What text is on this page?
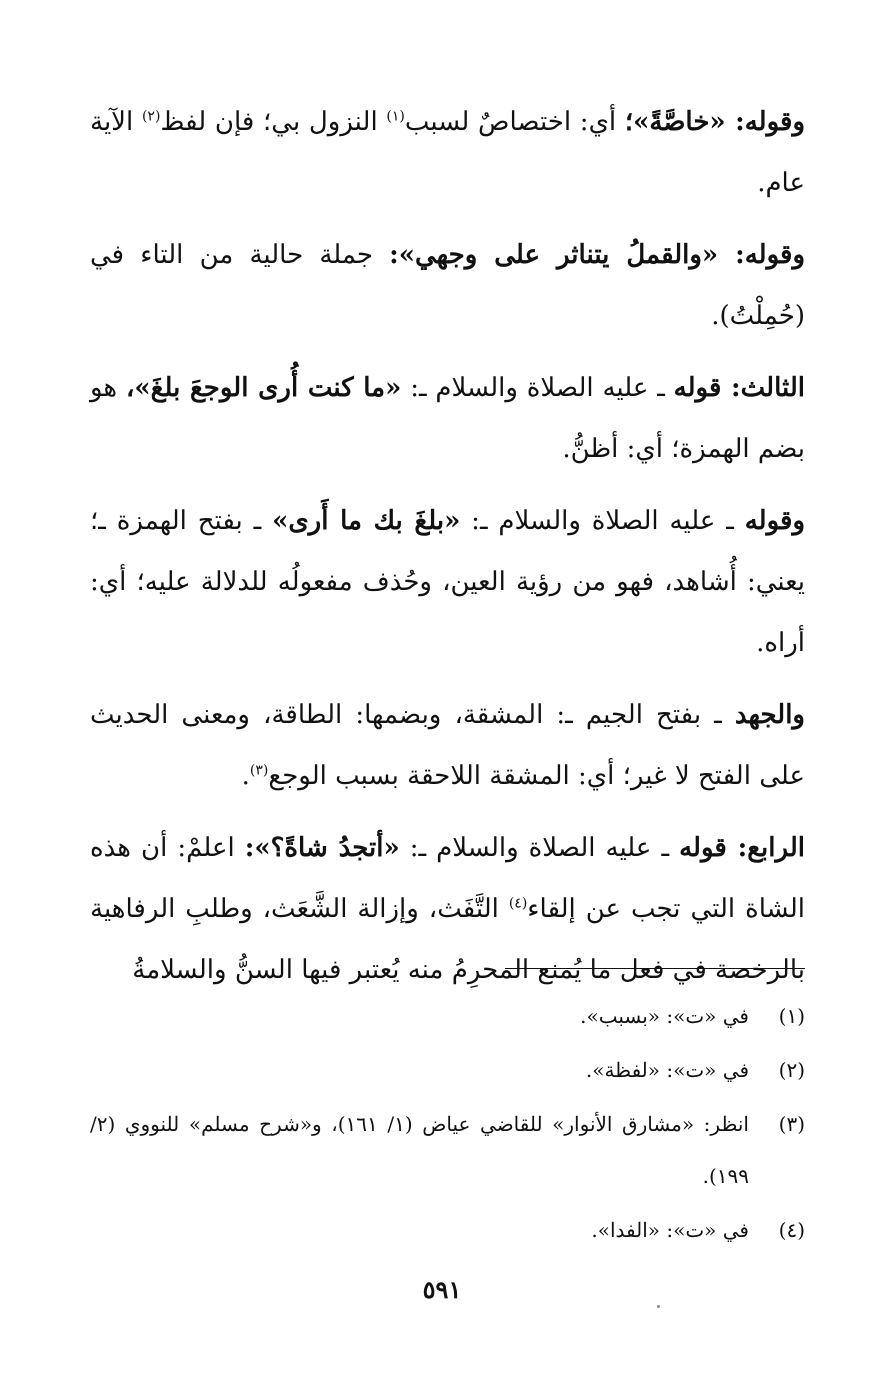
وقوله: «خاصَّةً»؛ أي: اختصاصٌ لسبب$^{(١)}$ النزول بي؛ فإن لفظ$^{(٢)}$ الآية عام.

وقوله: «والقملُ يتناثر على وجهي»: جملة حالية من التاء في (حُمِلْتُ).

الثالث: قوله ـ عليه الصلاة والسلام ـ: «ما كنت أُرى الوجعَ بلغَ»، هو بضم الهمزة؛ أي: أظنُّ.

وقوله ـ عليه الصلاة والسلام ـ: «بلغَ بك ما أَرى» ـ بفتح الهمزة ـ؛ يعني: أُشاهد، فهو من رؤية العين، وحُذف مفعولُه للدلالة عليه؛ أي: أراه.

والجهد ـ بفتح الجيم ـ: المشقة، وبضمها: الطاقة، ومعنى الحديث على الفتح لا غير؛ أي: المشقة اللاحقة بسبب الوجع$^{(٣)}$.

الرابع: قوله ـ عليه الصلاة والسلام ـ: «أتجدُ شاةً؟»: اعلمْ: أن هذه الشاة التي تجب عن إلقاء$^{(٤)}$ التَّفَث، وإزالة الشَّعَث، وطلبِ الرفاهية بالرخصة في فعل ما يُمنع المحرِمُ منه يُعتبر فيها السنُّ والسلامةُ

(١)
في «ت»: «بسبب».
(٢)
في «ت»: «لفظة».
(٣)
انظر: «مشارق الأنوار» للقاضي عياض (١/ ١٦١)، و«شرح مسلم» للنووي (٢/ ١٩٩).
(٤)
في «ت»: «الفدا».
٥٩١
